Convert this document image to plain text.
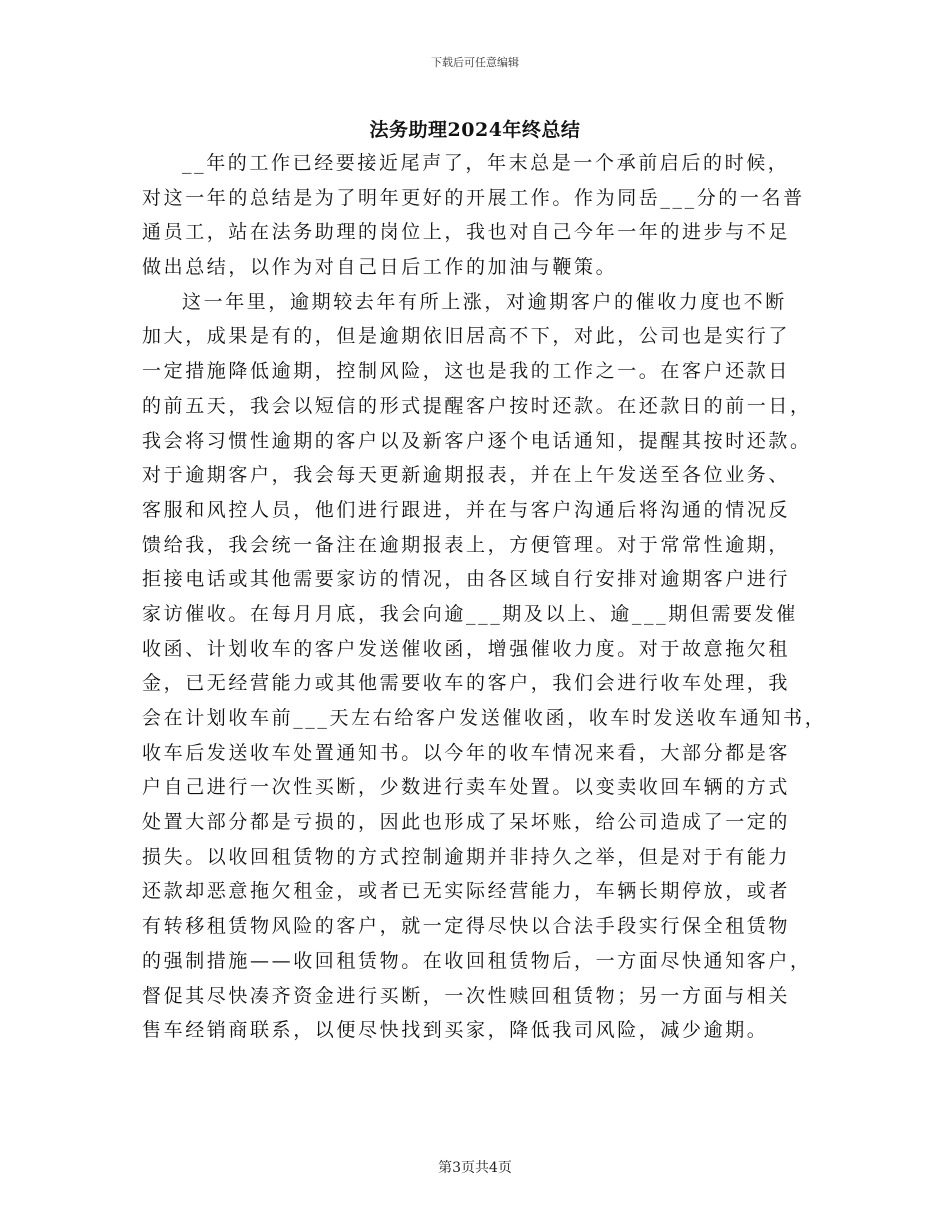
下载后可任意编辑
法务助理2024年终总结
__年的工作已经要接近尾声了，年末总是一个承前启后的时候，
对这一年的总结是为了明年更好的开展工作。作为同岳___分的一名普
通员工，站在法务助理的岗位上，我也对自己今年一年的进步与不足
做出总结，以作为对自己日后工作的加油与鞭策。
这一年里，逾期较去年有所上涨，对逾期客户的催收力度也不断
加大，成果是有的，但是逾期依旧居高不下，对此，公司也是实行了
一定措施降低逾期，控制风险，这也是我的工作之一。在客户还款日
的前五天，我会以短信的形式提醒客户按时还款。在还款日的前一日，
我会将习惯性逾期的客户以及新客户逐个电话通知，提醒其按时还款。
对于逾期客户，我会每天更新逾期报表，并在上午发送至各位业务、
客服和风控人员，他们进行跟进，并在与客户沟通后将沟通的情况反
馈给我，我会统一备注在逾期报表上，方便管理。对于常常性逾期，
拒接电话或其他需要家访的情况，由各区域自行安排对逾期客户进行
家访催收。在每月月底，我会向逾___期及以上、逾___期但需要发催
收函、计划收车的客户发送催收函，增强催收力度。对于故意拖欠租
金，已无经营能力或其他需要收车的客户，我们会进行收车处理，我
会在计划收车前___天左右给客户发送催收函，收车时发送收车通知书，
收车后发送收车处置通知书。以今年的收车情况来看，大部分都是客
户自己进行一次性买断，少数进行卖车处置。以变卖收回车辆的方式
处置大部分都是亏损的，因此也形成了呆坏账，给公司造成了一定的
损失。以收回租赁物的方式控制逾期并非持久之举，但是对于有能力
还款却恶意拖欠租金，或者已无实际经营能力，车辆长期停放，或者
有转移租赁物风险的客户，就一定得尽快以合法手段实行保全租赁物
的强制措施——收回租赁物。在收回租赁物后，一方面尽快通知客户，
督促其尽快凑齐资金进行买断，一次性赎回租赁物；另一方面与相关
售车经销商联系，以便尽快找到买家，降低我司风险，减少逾期。
第3页共4页
